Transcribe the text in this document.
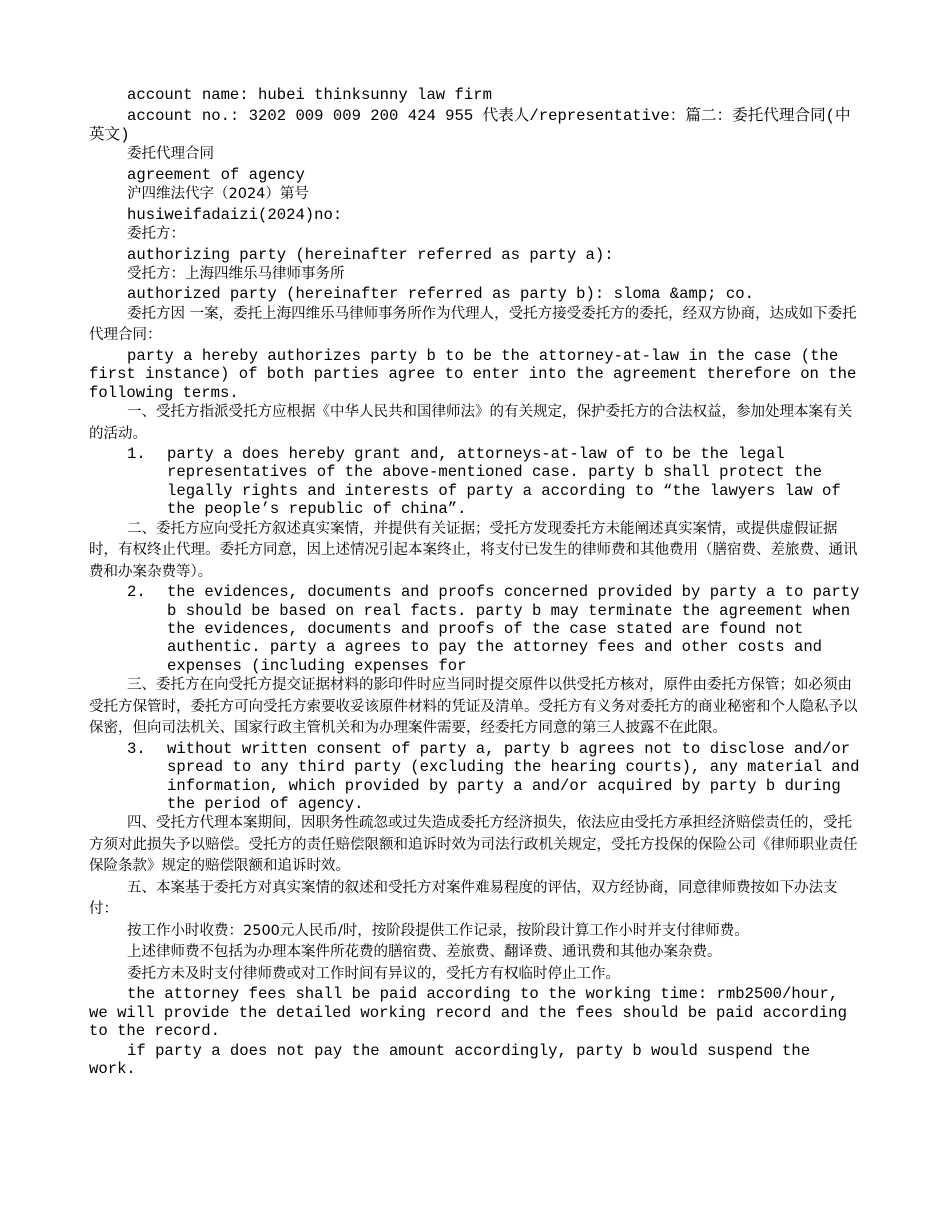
account name: hubei thinksunny law firm

account no.: 3202 009 009 200 424 955 代表人/representative：篇二：委托代理合同(中英文)

委托代理合同

agreement of agency

沪四维法代字（2024）第号

husiweifadaizi(2024)no:

委托方：

authorizing party (hereinafter referred as party a):

受托方：上海四维乐马律师事务所

authorized party (hereinafter referred as party b): sloma &amp; co.

委托方因 一案，委托上海四维乐马律师事务所作为代理人，受托方接受委托方的委托，经双方协商，达成如下委托代理合同：

party a hereby authorizes party b to be the attorney-at-law in the case (the first instance) of both parties agree to enter into the agreement therefore on the following terms.

一、受托方指派受托方应根据《中华人民共和国律师法》的有关规定，保护委托方的合法权益，参加处理本案有关的活动。

1.	party a does hereby grant and, attorneys-at-law of to be the legal representatives of the above-mentioned case. party b shall protect the legally rights and interests of party a according to “the lawyers law of the people’s republic of china”.

二、委托方应向受托方叙述真实案情，并提供有关证据；受托方发现委托方未能阐述真实案情，或提供虚假证据时，有权终止代理。委托方同意，因上述情况引起本案终止，将支付已发生的律师费和其他费用（膳宿费、差旅费、通讯费和办案杂费等）。

2.	the evidences, documents and proofs concerned provided by party a to party b should be based on real facts. party b may terminate the agreement when the evidences, documents and proofs of the case stated are found not authentic. party a agrees to pay the attorney fees and other costs and expenses (including expenses for

三、委托方在向受托方提交证据材料的影印件时应当同时提交原件以供受托方核对，原件由委托方保管；如必须由受托方保管时，委托方可向受托方索要收妥该原件材料的凭证及清单。受托方有义务对委托方的商业秘密和个人隐私予以保密，但向司法机关、国家行政主管机关和为办理案件需要，经委托方同意的第三人披露不在此限。

3.	without written consent of party a, party b agrees not to disclose and/or spread to any third party (excluding the hearing courts), any material and information, which provided by party a and/or acquired by party b during the period of agency.

四、受托方代理本案期间，因职务性疏忽或过失造成委托方经济损失，依法应由受托方承担经济赔偿责任的，受托方须对此损失予以赔偿。受托方的责任赔偿限额和追诉时效为司法行政机关规定，受托方投保的保险公司《律师职业责任保险条款》规定的赔偿限额和追诉时效。

五、本案基于委托方对真实案情的叙述和受托方对案件难易程度的评估，双方经协商，同意律师费按如下办法支付：

按工作小时收费：2500元人民币/时，按阶段提供工作记录，按阶段计算工作小时并支付律师费。

上述律师费不包括为办理本案件所花费的膳宿费、差旅费、翻译费、通讯费和其他办案杂费。

委托方未及时支付律师费或对工作时间有异议的，受托方有权临时停止工作。

the attorney fees shall be paid according to the working time: rmb2500/hour, we will provide the detailed working record and the fees should be paid according to the record.

if party a does not pay the amount accordingly, party b would suspend the work.
